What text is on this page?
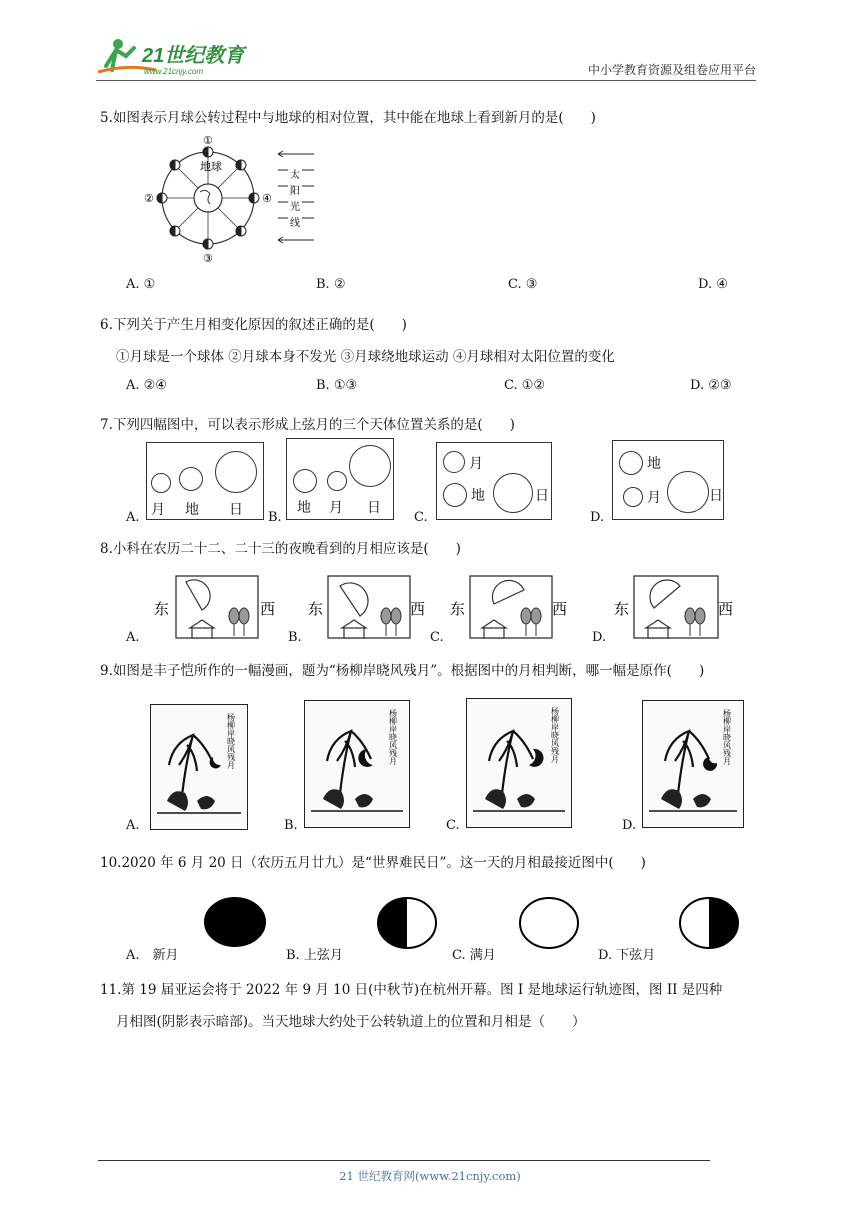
21世纪教育
www.21cnjy.com	中小学教育资源及组卷应用平台
5.如图表示月球公转过程中与地球的相对位置，其中能在地球上看到新月的是(　　)
地球
①
②
③
④
太
阳
光
线
A. ①	B. ②	C. ③	D. ④
6.下列关于产生月相变化原因的叙述正确的是(　　)
①月球是一个球体 ②月球本身不发光 ③月球绕地球运动 ④月球相对太阳位置的变化
A. ②④	B. ①③	C. ①②	D. ②③
7.下列四幅图中，可以表示形成上弦月的三个天体位置关系的是(　　)
A. 月 地 日 B.
地 月 日
C.
月
地	日
D.
地
月	日
8.小科在农历二十二、二十三的夜晚看到的月相应该是(　　)
A.
东	西
B.
东	西
C.
东	西
D.
东	西
9.如图是丰子恺所作的一幅漫画，题为“杨柳岸晓风残月”。根据图中的月相判断，哪一幅是原作(　　)
A.
杨柳岸晓风残月
B.
杨柳岸晓风残月
C.
杨柳岸晓风残月
D.
杨柳岸晓风残月
10.2020 年 6 月 20 日（农历五月廿九）是“世界难民日”。这一天的月相最接近图中(　　)
A.　新月	B. 上弦月	C. 满月	D. 下弦月
11.第 19 届亚运会将于 2022 年 9 月 10 日(中秋节)在杭州开幕。图 I 是地球运行轨迹图，图 II 是四种
月相图(阴影表示暗部)。当天地球大约处于公转轨道上的位置和月相是（　　）
21 世纪教育网(www.21cnjy.com)
